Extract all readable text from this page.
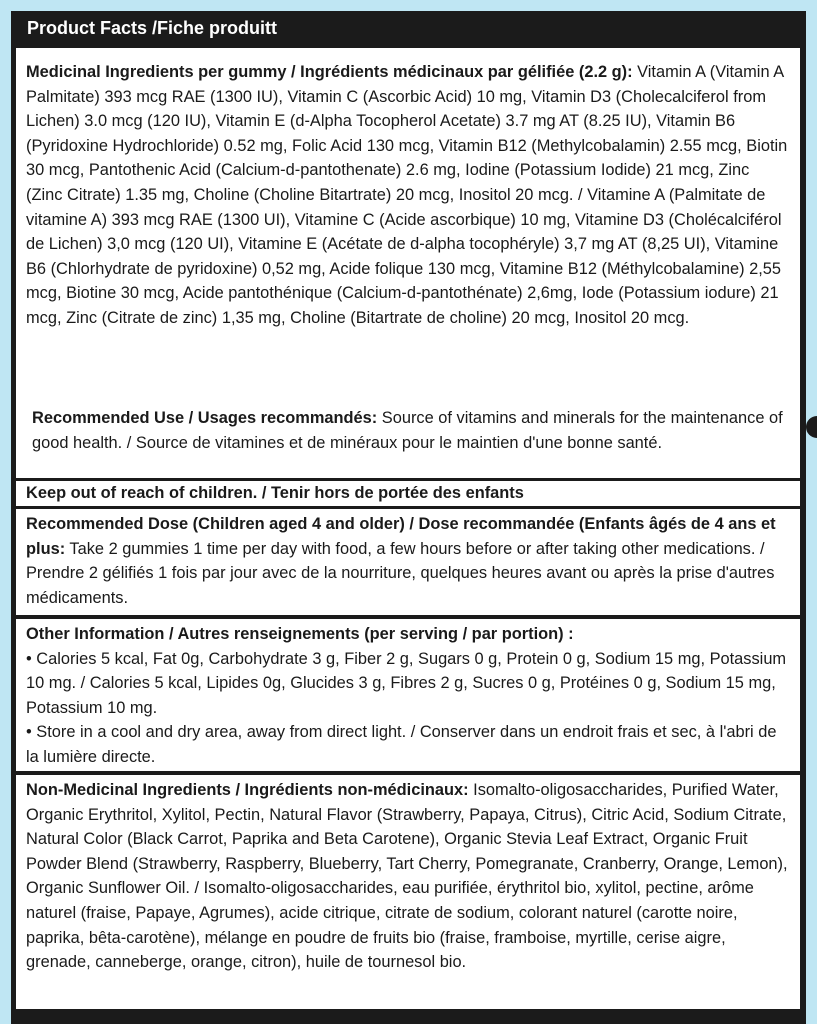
Product Facts /Fiche produitt
Medicinal Ingredients per gummy / Ingrédients médicinaux par gélifiée (2.2 g): Vitamin A (Vitamin A Palmitate) 393 mcg RAE (1300 IU), Vitamin C (Ascorbic Acid) 10 mg, Vitamin D3 (Cholecalciferol from Lichen) 3.0 mcg (120 IU), Vitamin E (d-Alpha Tocopherol Acetate) 3.7 mg AT (8.25 IU), Vitamin B6 (Pyridoxine Hydrochloride) 0.52 mg, Folic Acid 130 mcg, Vitamin B12 (Methylcobalamin) 2.55 mcg, Biotin 30 mcg, Pantothenic Acid (Calcium-d-pantothenate) 2.6 mg, Iodine (Potassium Iodide) 21 mcg, Zinc (Zinc Citrate) 1.35 mg, Choline (Choline Bitartrate) 20 mcg, Inositol 20 mcg. / Vitamine A (Palmitate de vitamine A) 393 mcg RAE (1300 UI), Vitamine C (Acide ascorbique) 10 mg, Vitamine D3 (Cholécalciférol de Lichen) 3,0 mcg (120 UI), Vitamine E (Acétate de d-alpha tocophéryle) 3,7 mg AT (8,25 UI), Vitamine B6 (Chlorhydrate de pyridoxine) 0,52 mg, Acide folique 130 mcg, Vitamine B12 (Méthylcobalamine) 2,55 mcg, Biotine 30 mcg, Acide pantothénique (Calcium-d-pantothénate) 2,6mg, Iode (Potassium iodure) 21 mcg, Zinc (Citrate de zinc) 1,35 mg, Choline (Bitartrate de choline) 20 mcg, Inositol 20 mcg.
Recommended Use / Usages recommandés: Source of vitamins and minerals for the maintenance of good health. / Source de vitamines et de minéraux pour le maintien d'une bonne santé.
Keep out of reach of children. / Tenir hors de portée des enfants
Recommended Dose (Children aged 4 and older) / Dose recommandée (Enfants âgés de 4 ans et plus: Take 2 gummies 1 time per day with food, a few hours before or after taking other medications. / Prendre 2 gélifiés 1 fois par jour avec de la nourriture, quelques heures avant ou après la prise d'autres médicaments.
Other Information / Autres renseignements (per serving / par portion) :
• Calories 5 kcal, Fat 0g, Carbohydrate 3 g, Fiber 2 g, Sugars 0 g, Protein 0 g, Sodium 15 mg, Potassium 10 mg. / Calories 5 kcal, Lipides 0g, Glucides 3 g, Fibres 2 g, Sucres 0 g, Protéines 0 g, Sodium 15 mg, Potassium 10 mg.
• Store in a cool and dry area, away from direct light. / Conserver dans un endroit frais et sec, à l'abri de la lumière directe.
Non-Medicinal Ingredients / Ingrédients non-médicinaux: Isomalto-oligosaccharides, Purified Water, Organic Erythritol, Xylitol, Pectin, Natural Flavor (Strawberry, Papaya, Citrus), Citric Acid, Sodium Citrate, Natural Color (Black Carrot, Paprika and Beta Carotene), Organic Stevia Leaf Extract, Organic Fruit Powder Blend (Strawberry, Raspberry, Blueberry, Tart Cherry, Pomegranate, Cranberry, Orange, Lemon), Organic Sunflower Oil. / Isomalto-oligosaccharides, eau purifiée, érythritol bio, xylitol, pectine, arôme naturel (fraise, Papaye, Agrumes), acide citrique, citrate de sodium, colorant naturel (carotte noire, paprika, bêta-carotène), mélange en poudre de fruits bio (fraise, framboise, myrtille, cerise aigre, grenade, canneberge, orange, citron), huile de tournesol bio.
